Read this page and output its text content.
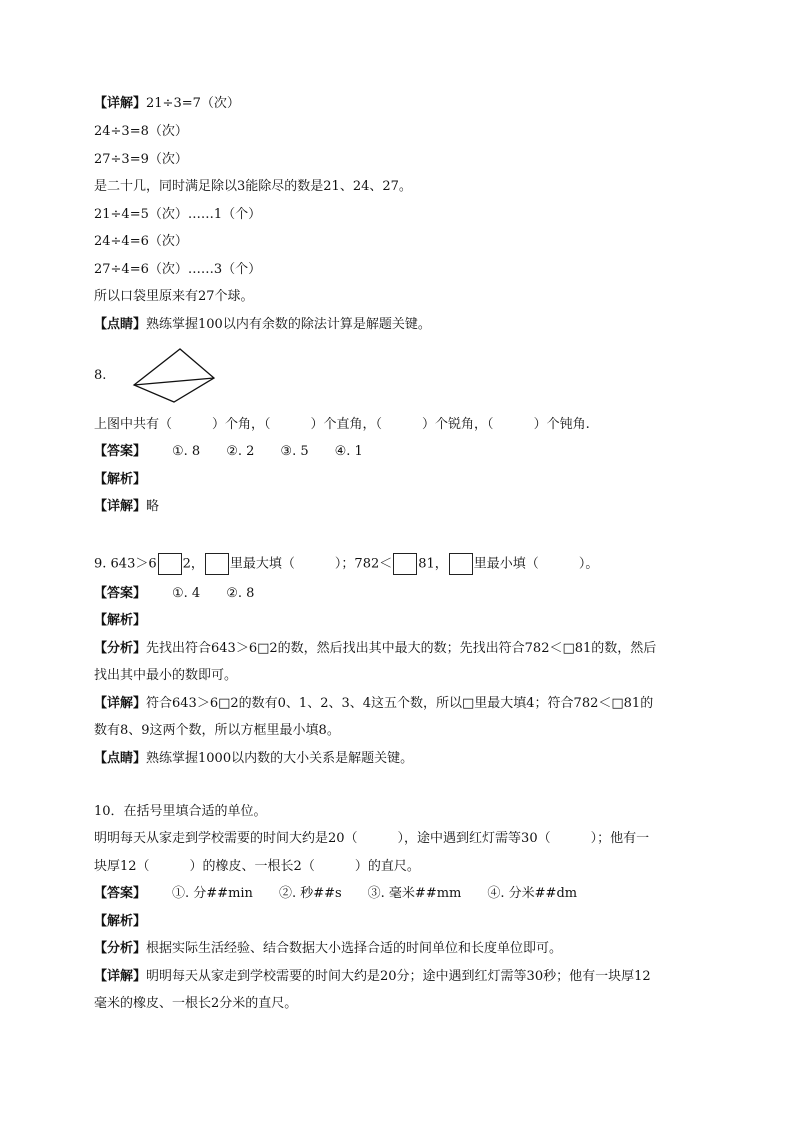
【详解】21÷3=7（次）
24÷3=8（次）
27÷3=9（次）
是二十几，同时满足除以3能除尽的数是21、24、27。
21÷4=5（次）……1（个）
24÷4=6（次）
27÷4=6（次）……3（个）
所以口袋里原来有27个球。
【点睛】熟练掌握100以内有余数的除法计算是解题关键。
8.
上图中共有（	）个角，（	）个直角，（	）个锐角，（	）个钝角.
【答案】 ①. 8 ②. 2 ③. 5 ④. 1
【解析】
【详解】略
9. 643＞6 2， 里最大填（	）；782＜ 81， 里最小填（	）。
【答案】 ①. 4 ②. 8
【解析】
【分析】先找出符合643＞6□2的数，然后找出其中最大的数；先找出符合782＜□81的数，然后
找出其中最小的数即可。
【详解】符合643＞6□2的数有0、1、2、3、4这五个数，所以□里最大填4；符合782＜□81的
数有8、9这两个数，所以方框里最小填8。
【点睛】熟练掌握1000以内数的大小关系是解题关键。
10．在括号里填合适的单位。
明明每天从家走到学校需要的时间大约是20（	），途中遇到红灯需等30（	）；他有一
块厚12（	）的橡皮、一根长2（	）的直尺。
【答案】 ①. 分##min ②. 秒##s ③. 毫米##mm ④. 分米##dm
【解析】
【分析】根据实际生活经验、结合数据大小选择合适的时间单位和长度单位即可。
【详解】明明每天从家走到学校需要的时间大约是20分；途中遇到红灯需等30秒；他有一块厚12
毫米的橡皮、一根长2分米的直尺。
